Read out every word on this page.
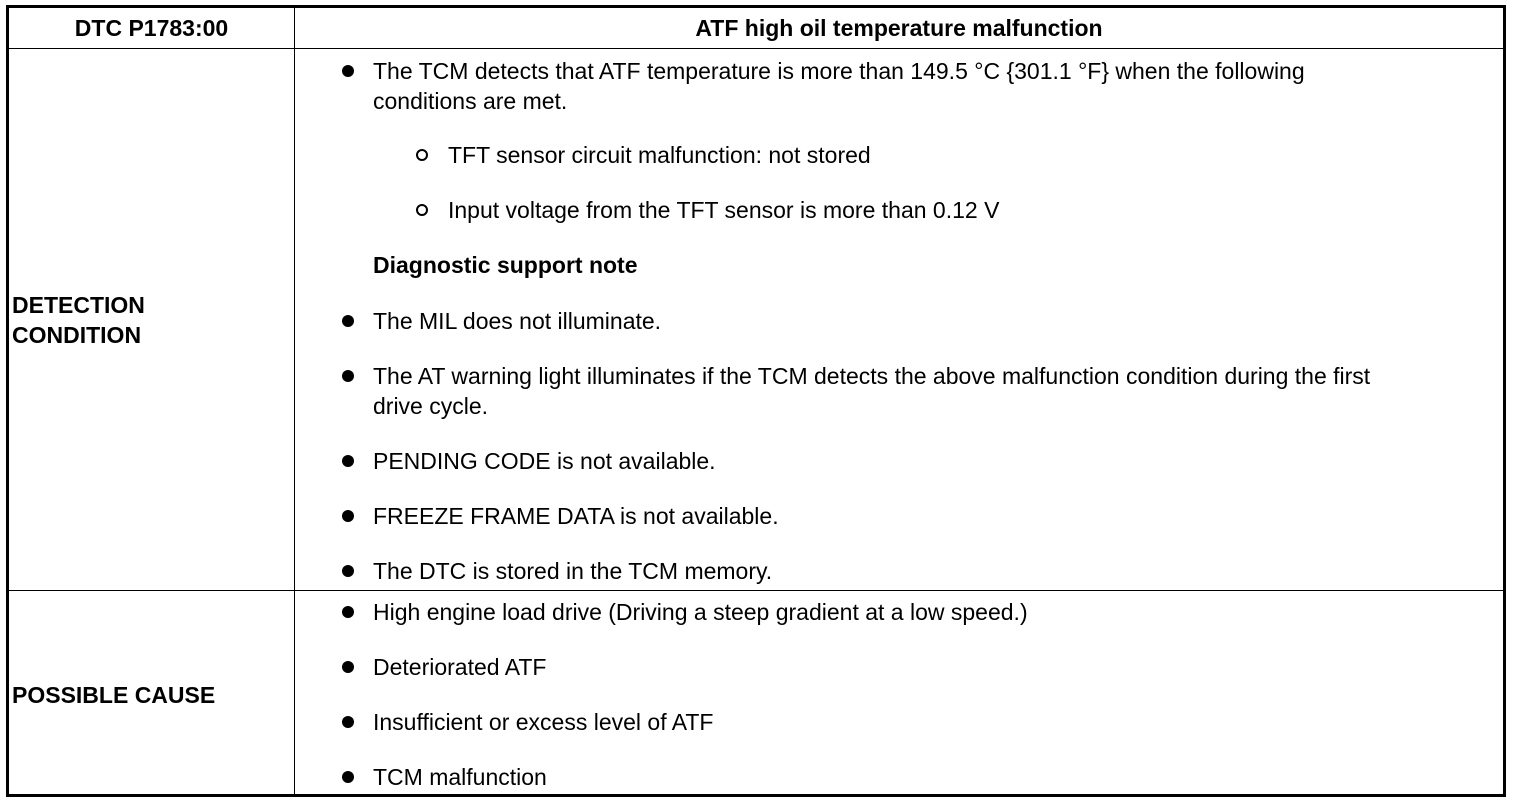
DTC P1783:00	ATF high oil temperature malfunction
DETECTION
CONDITION
The TCM detects that ATF temperature is more than 149.5 °C {301.1 °F} when the following
conditions are met.
TFT sensor circuit malfunction: not stored
Input voltage from the TFT sensor is more than 0.12 V
Diagnostic support note
The MIL does not illuminate.
The AT warning light illuminates if the TCM detects the above malfunction condition during the first
drive cycle.
PENDING CODE is not available.
FREEZE FRAME DATA is not available.
The DTC is stored in the TCM memory.
POSSIBLE CAUSE
High engine load drive (Driving a steep gradient at a low speed.)
Deteriorated ATF
Insufficient or excess level of ATF
TCM malfunction
